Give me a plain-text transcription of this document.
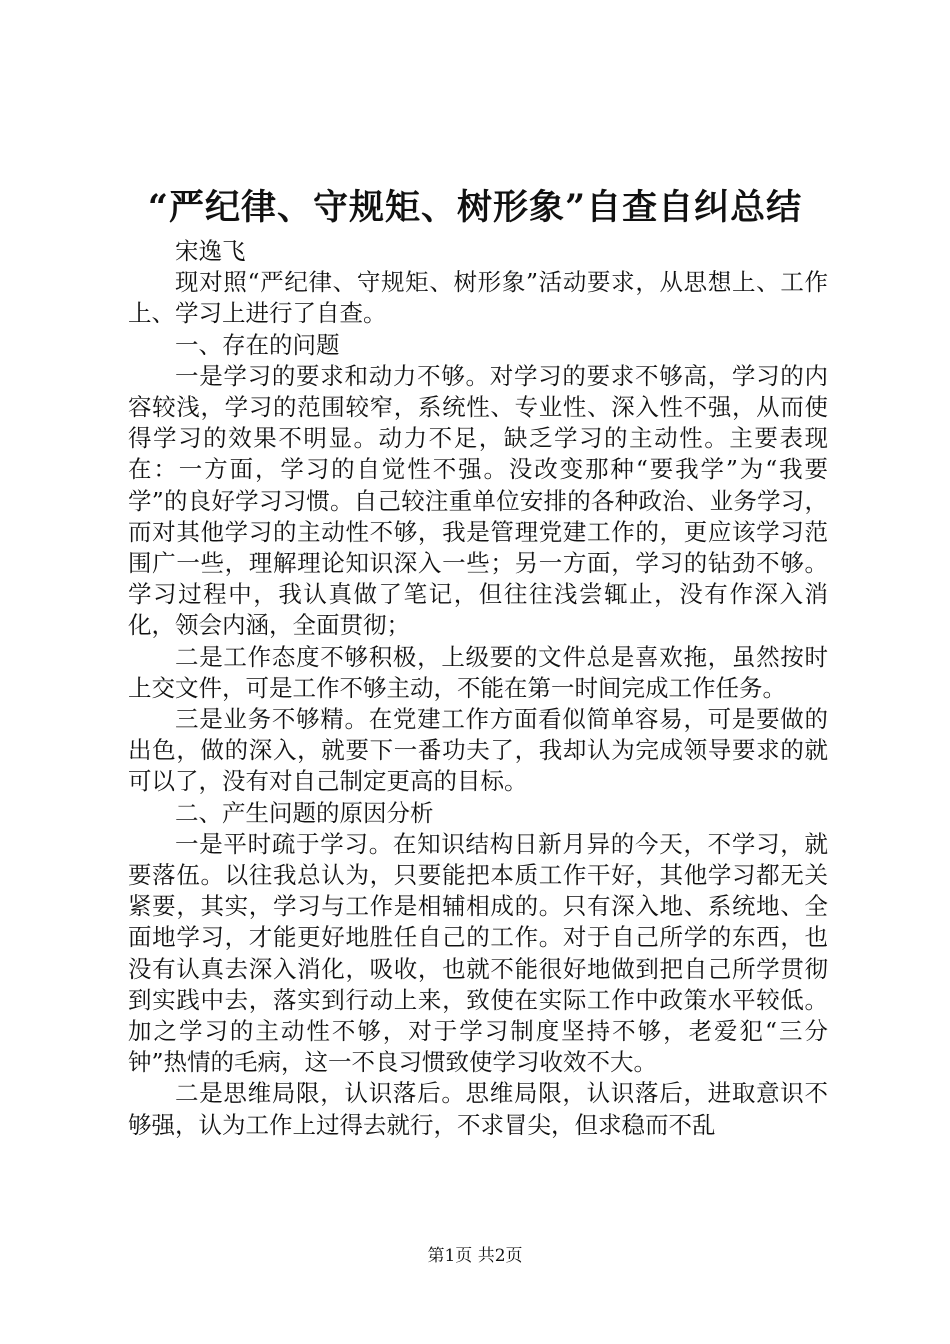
“严纪律、守规矩、树形象”自查自纠总结

宋逸飞

现对照“严纪律、守规矩、树形象”活动要求，从思想上、工作上、学习上进行了自查。

一、存在的问题

一是学习的要求和动力不够。对学习的要求不够高，学习的内容较浅，学习的范围较窄，系统性、专业性、深入性不强，从而使得学习的效果不明显。动力不足，缺乏学习的主动性。主要表现在：一方面，学习的自觉性不强。没改变那种“要我学”为“我要学”的良好学习习惯。自己较注重单位安排的各种政治、业务学习，而对其他学习的主动性不够，我是管理党建工作的，更应该学习范围广一些，理解理论知识深入一些；另一方面，学习的钻劲不够。学习过程中，我认真做了笔记，但往往浅尝辄止，没有作深入消化，领会内涵，全面贯彻；

二是工作态度不够积极，上级要的文件总是喜欢拖，虽然按时上交文件，可是工作不够主动，不能在第一时间完成工作任务。

三是业务不够精。在党建工作方面看似简单容易，可是要做的出色，做的深入，就要下一番功夫了，我却认为完成领导要求的就可以了，没有对自己制定更高的目标。

二、产生问题的原因分析

一是平时疏于学习。在知识结构日新月异的今天，不学习，就要落伍。以往我总认为，只要能把本质工作干好，其他学习都无关紧要，其实，学习与工作是相辅相成的。只有深入地、系统地、全面地学习，才能更好地胜任自己的工作。对于自己所学的东西，也没有认真去深入消化，吸收，也就不能很好地做到把自己所学贯彻到实践中去，落实到行动上来，致使在实际工作中政策水平较低。加之学习的主动性不够，对于学习制度坚持不够，老爱犯“三分钟”热情的毛病，这一不良习惯致使学习收效不大。

二是思维局限，认识落后。思维局限，认识落后，进取意识不够强，认为工作上过得去就行，不求冒尖，但求稳而不乱

第1页 共2页
